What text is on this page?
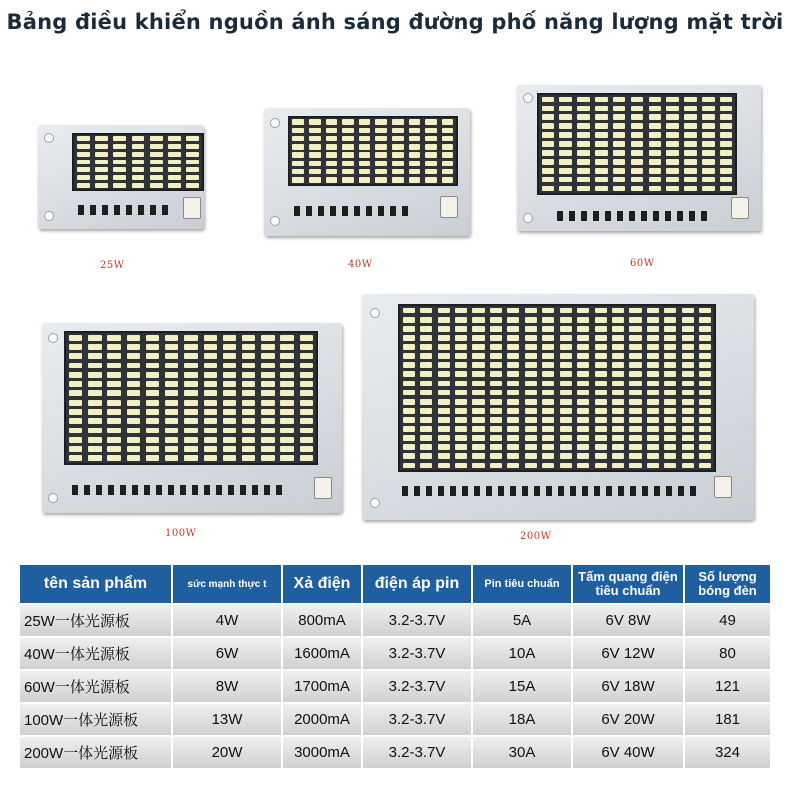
Bảng điều khiển nguồn ánh sáng đường phố năng lượng mặt trời
25W	40W	60W
100W	200W
tên sản phẩm	sức mạnh thực t	Xả điện	điện áp pin	Pin tiêu chuẩn	Tấm quang điện tiêu chuẩn	Số lượng bóng đèn
25W一体光源板	4W	800mA	3.2-3.7V	5A	6V 8W	49
40W一体光源板	6W	1600mA	3.2-3.7V	10A	6V 12W	80
60W一体光源板	8W	1700mA	3.2-3.7V	15A	6V 18W	121
100W一体光源板	13W	2000mA	3.2-3.7V	18A	6V 20W	181
200W一体光源板	20W	3000mA	3.2-3.7V	30A	6V 40W	324
